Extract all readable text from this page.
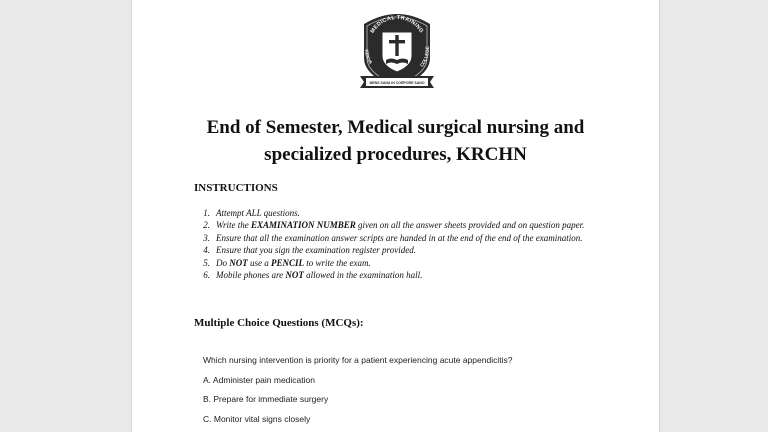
MEDICAL TRAINING
KENYA	COLLEGE
MENS SANA IN CORPORE SANO
End of Semester, Medical surgical nursing and specialized procedures, KRCHN
INSTRUCTIONS
1. Attempt ALL questions.
2. Write the EXAMINATION NUMBER given on all the answer sheets provided and on question paper.
3. Ensure that all the examination answer scripts are handed in at the end of the end of the examination.
4. Ensure that you sign the examination register provided.
5. Do NOT use a PENCIL to write the exam.
6. Mobile phones are NOT allowed in the examination hall.
Multiple Choice Questions (MCQs):
Which nursing intervention is priority for a patient experiencing acute appendicitis?
A. Administer pain medication
B. Prepare for immediate surgery
C. Monitor vital signs closely
